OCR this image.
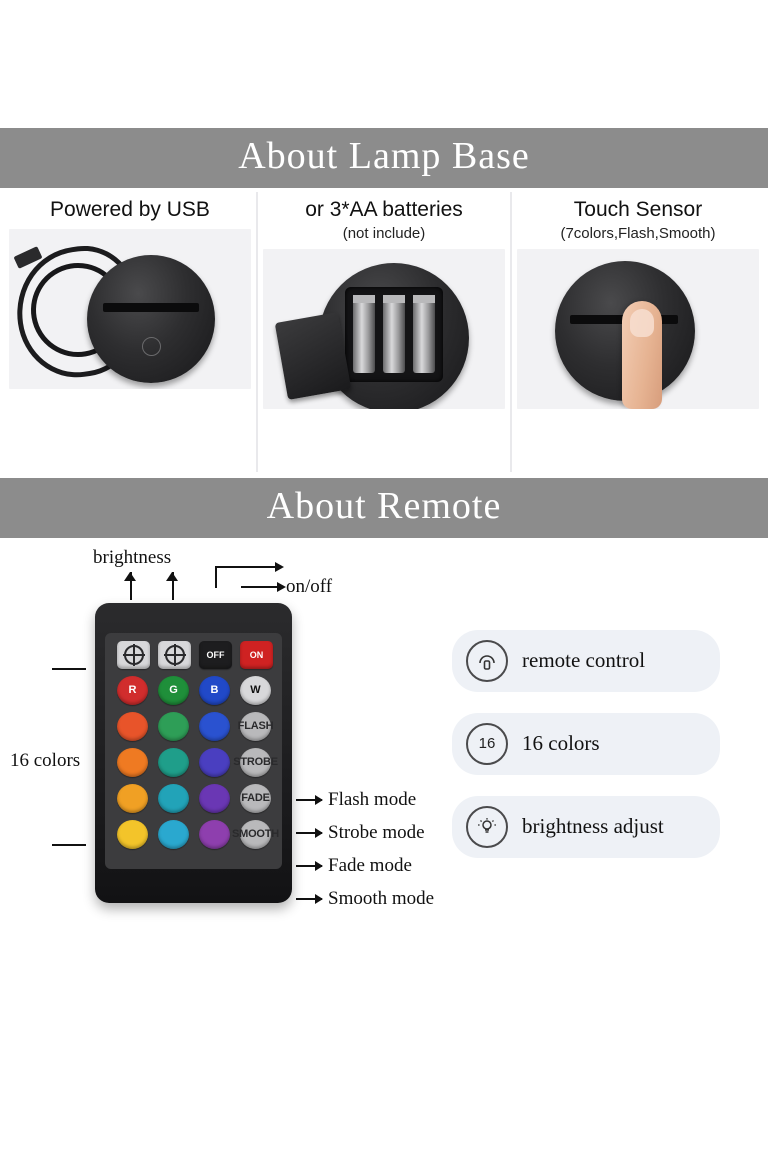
About Lamp Base
Powered by USB	or 3*AA batteries
(not include)
Touch Sensor
(7colors,Flash,Smooth)
About Remote
brightness
on/off
16 colors
OFF	ON
R	G	B	W
FLASH
STROBE
FADE
SMOOTH
Flash mode
Strobe mode
Fade mode
Smooth mode
remote control
16	16 colors
brightness adjust
